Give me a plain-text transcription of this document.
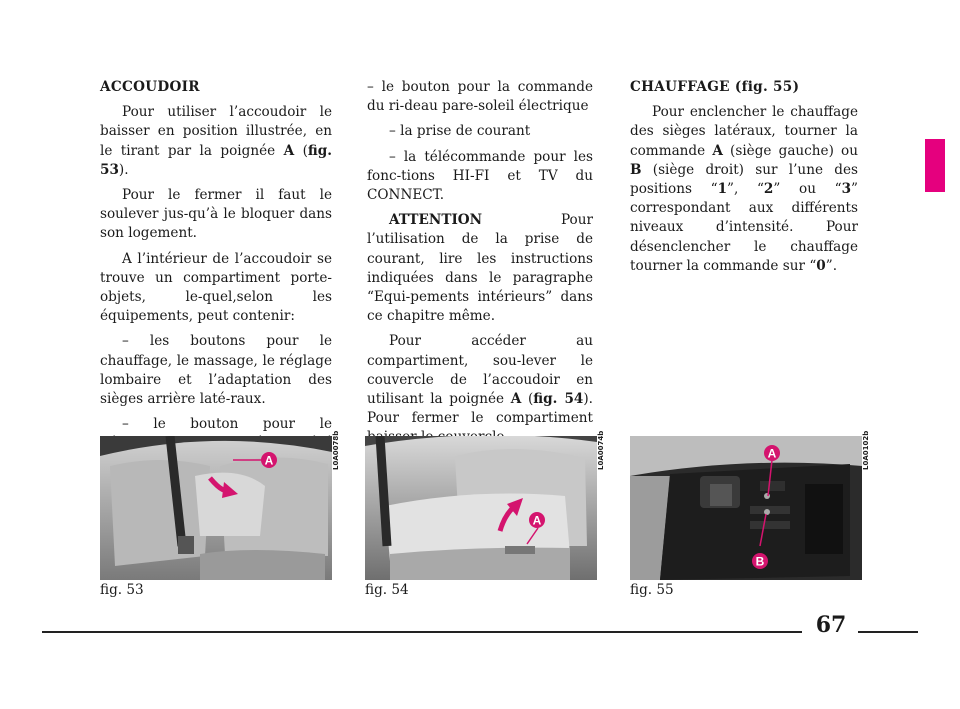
ACCOUDOIR

Pour utiliser l’accoudoir le baisser en position illustrée, en le tirant par la poignée A (fig. 53).

Pour le fermer il faut le soulever jus-qu’à le bloquer dans son logement.

A l’intérieur de l’accoudoir se trouve un compartiment porte-objets, le-quel,selon les équipements, peut contenir:

– les boutons pour le chauffage, le massage, le réglage lombaire et l’adaptation des sièges arrière laté-raux.

– le bouton pour le

– le bouton pour la commande du ri-deau pare-soleil électrique

– la prise de courant

– la télécommande pour les fonc-tions HI-FI et TV du CONNECT.

ATTENTION Pour l’utilisation de la prise de courant, lire les instructions indiquées dans le paragraphe “Equi-pements intérieurs” dans ce chapitre même.

Pour accéder au compartiment, sou-lever le couvercle de l’accoudoir en utilisant la poignée A (fig. 54). Pour fermer le compartiment

CHAUFFAGE (fig. 55)

Pour enclencher le chauffage des sièges latéraux, tourner la commande A (siège gauche) ou B (siège droit) sur l’une des positions “1”, “2” ou “3” correspondant aux différents niveaux d’intensité. Pour désenclencher le chauffage tourner la commande sur “0”.

A	L0A0078b
fig. 53
A
L0A0074b
fig. 54
A
B
L0A0102b
fig. 55
67
